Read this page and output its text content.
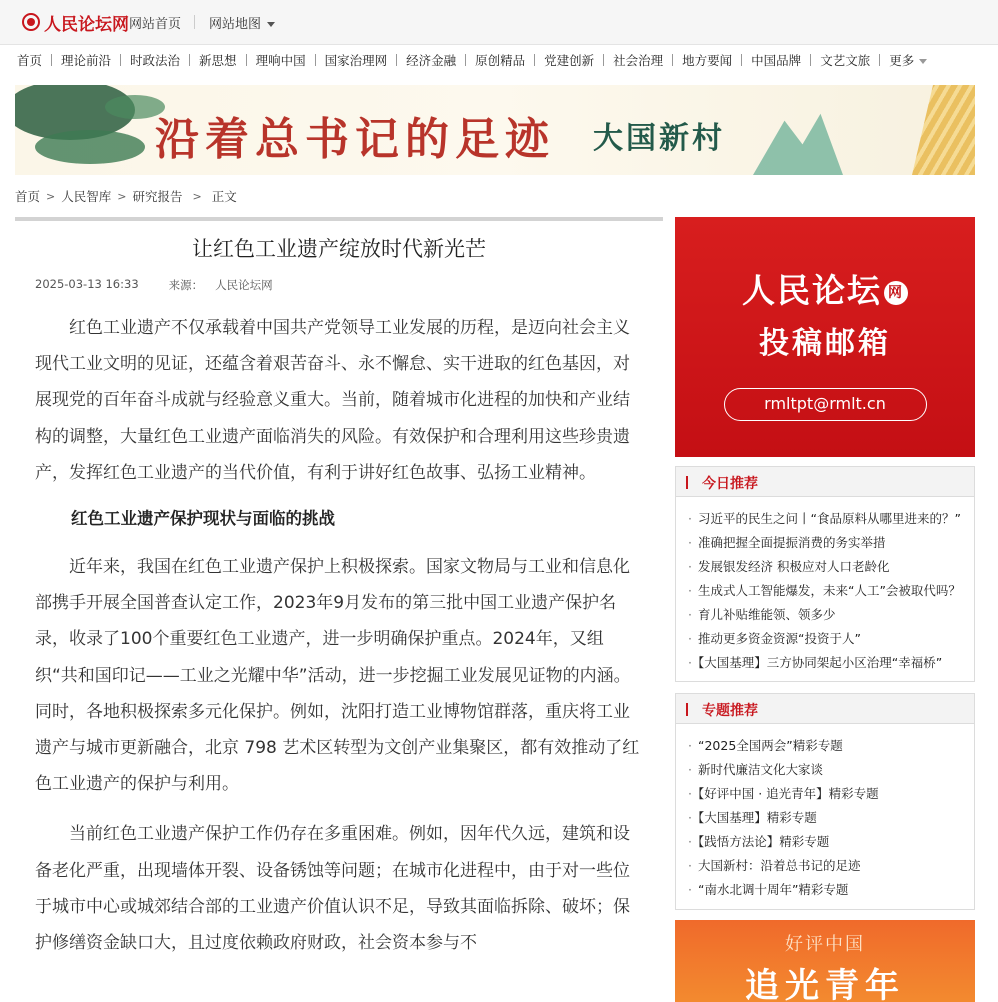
人民论坛网 网站首页 网站地图
首页 理论前沿 时政法治 新思想 理响中国 国家治理网 经济金融 原创精品 党建创新 社会治理 地方要闻 中国品牌 文艺文旅 更多
沿着总书记的足迹 大国新村
首页 > 人民智库 > 研究报告 > 正文
让红色工业遗产绽放时代新光芒
2025-03-13 16:33	来源： 人民论坛网

红色工业遗产不仅承载着中国共产党领导工业发展的历程，是迈向社会主义现代工业文明的见证，还蕴含着艰苦奋斗、永不懈怠、实干进取的红色基因，对展现党的百年奋斗成就与经验意义重大。当前，随着城市化进程的加快和产业结构的调整，大量红色工业遗产面临消失的风险。有效保护和合理利用这些珍贵遗产，发挥红色工业遗产的当代价值，有利于讲好红色故事、弘扬工业精神。

红色工业遗产保护现状与面临的挑战

近年来，我国在红色工业遗产保护上积极探索。国家文物局与工业和信息化部携手开展全国普查认定工作，2023年9月发布的第三批中国工业遗产保护名录，收录了100个重要红色工业遗产，进一步明确保护重点。2024年，又组织“共和国印记——工业之光耀中华”活动，进一步挖掘工业发展见证物的内涵。同时，各地积极探索多元化保护。例如，沈阳打造工业博物馆群落，重庆将工业遗产与城市更新融合，北京 798 艺术区转型为文创产业集聚区，都有效推动了红色工业遗产的保护与利用。

当前红色工业遗产保护工作仍存在多重困难。例如，因年代久远，建筑和设备老化严重，出现墙体开裂、设备锈蚀等问题；在城市化进程中，由于对一些位于城市中心或城郊结合部的工业遗产价值认识不足，导致其面临拆除、破坏；保护修缮资金缺口大，且过度依赖政府财政，社会资本参与不

人民论坛 网
投稿邮箱
rmltpt@rmlt.cn
今日推荐
· 习近平的民生之问丨“食品原料从哪里进来的？”
· 准确把握全面提振消费的务实举措
· 发展银发经济 积极应对人口老龄化
· 生成式人工智能爆发，未来“人工”会被取代吗？
· 育儿补贴维能领、领多少
· 推动更多资金资源“投资于人”
· 【大国基理】三方协同架起小区治理“幸福桥”
专题推荐
· “2025全国两会”精彩专题
· 新时代廉洁文化大家谈
· 【好评中国 · 追光青年】精彩专题
· 【大国基理】精彩专题
· 【践悟方法论】精彩专题
· 大国新村：沿着总书记的足迹
· “南水北调十周年”精彩专题
好评中国
追光青年
